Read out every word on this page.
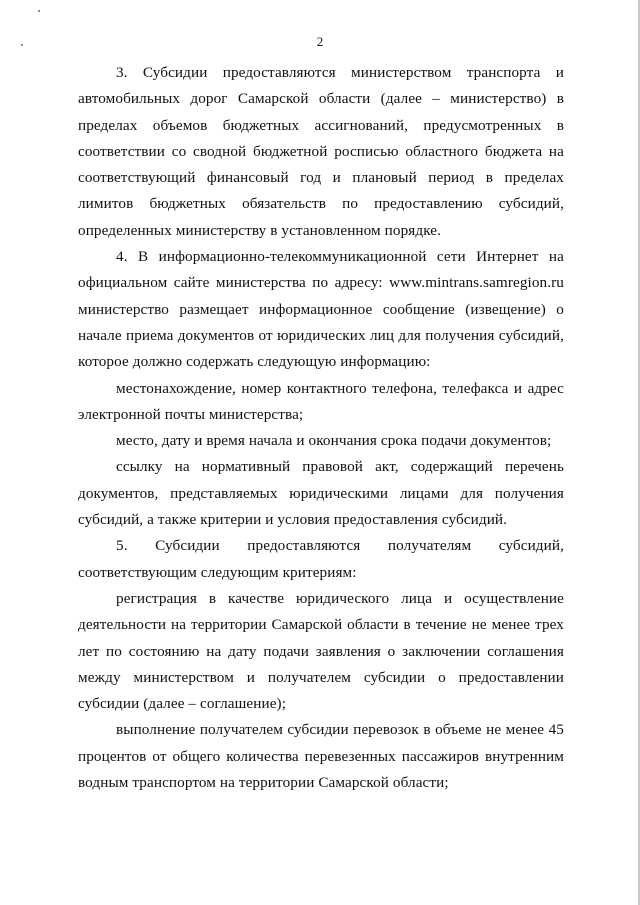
2

3. Субсидии предоставляются министерством транспорта и автомобильных дорог Самарской области (далее – министерство) в пределах объемов бюджетных ассигнований, предусмотренных в соответствии со сводной бюджетной росписью областного бюджета на соответствующий финансовый год и плановый период в пределах лимитов бюджетных обязательств по предоставлению субсидий, определенных министерству в установленном порядке.

4. В информационно-телекоммуникационной сети Интернет на официальном сайте министерства по адресу: www.mintrans.samregion.ru министерство размещает информационное сообщение (извещение) о начале приема документов от юридических лиц для получения субсидий, которое должно содержать следующую информацию:

местонахождение, номер контактного телефона, телефакса и адрес электронной почты министерства;

место, дату и время начала и окончания срока подачи документов;

ссылку на нормативный правовой акт, содержащий перечень документов, представляемых юридическими лицами для получения субсидий, а также критерии и условия предоставления субсидий.

5. Субсидии предоставляются получателям субсидий, соответствующим следующим критериям:

регистрация в качестве юридического лица и осуществление деятельности на территории Самарской области в течение не менее трех лет по состоянию на дату подачи заявления о заключении соглашения между министерством и получателем субсидии о предоставлении субсидии (далее – соглашение);

выполнение получателем субсидии перевозок в объеме не менее 45 процентов от общего количества перевезенных пассажиров внутренним водным транспортом на территории Самарской области;
